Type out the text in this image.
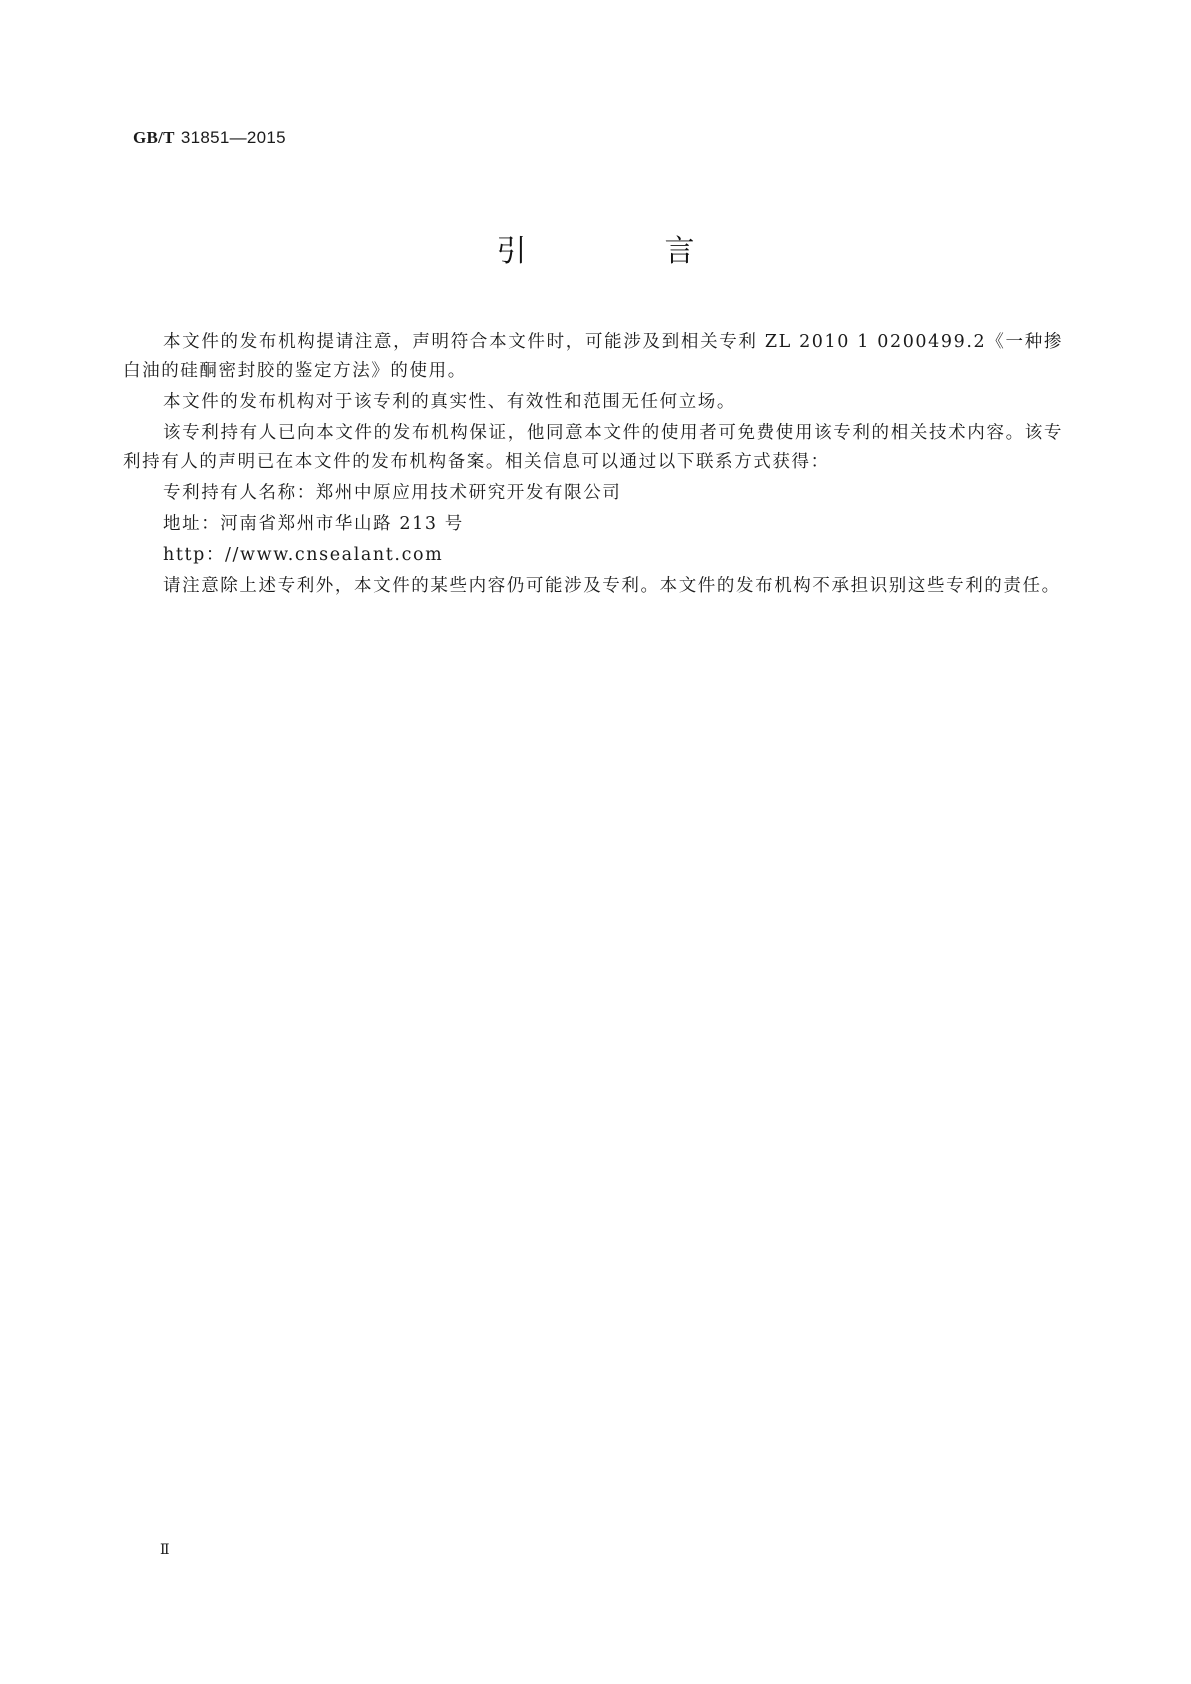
GB/T 31851—2015
引　言

本文件的发布机构提请注意，声明符合本文件时，可能涉及到相关专利 ZL 2010 1 0200499.2《一种掺白油的硅酮密封胶的鉴定方法》的使用。

本文件的发布机构对于该专利的真实性、有效性和范围无任何立场。

该专利持有人已向本文件的发布机构保证，他同意本文件的使用者可免费使用该专利的相关技术内容。该专利持有人的声明已在本文件的发布机构备案。相关信息可以通过以下联系方式获得：

专利持有人名称：郑州中原应用技术研究开发有限公司

地址：河南省郑州市华山路 213 号

http：//www.cnsealant.com

请注意除上述专利外，本文件的某些内容仍可能涉及专利。本文件的发布机构不承担识别这些专利的责任。

Ⅱ
